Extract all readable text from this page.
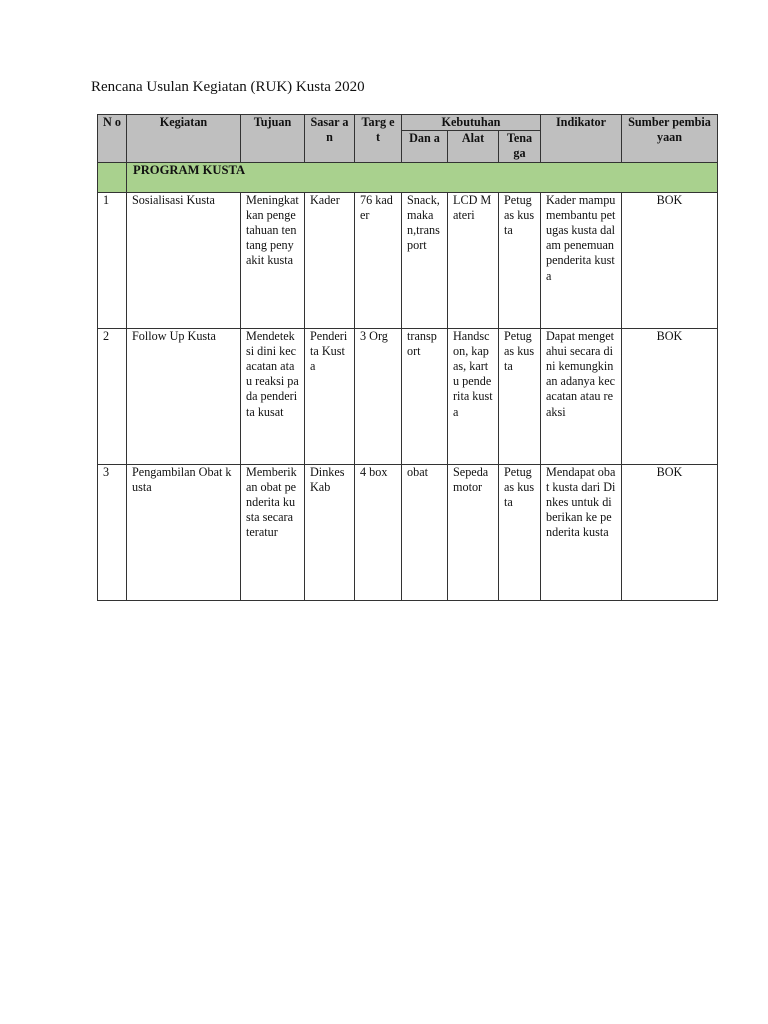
Rencana Usulan Kegiatan (RUK) Kusta 2020
N o	Kegiatan	Tujuan	Sasar an	Targ et	Kebutuhan			Indikator	Sumber pembiayaan
					Dan a	Alat	Tena ga		
	PROGRAM KUSTA								
1	Sosialisasi Kusta	Meningkatkan pengetahuan tentang penyakit kusta	Kader	76 kader	Snack,makan,transport	LCD Materi	Petugas kusta	Kader mampu membantu petugas kusta dalam penemuan penderita kusta	BOK
2	Follow Up Kusta	Mendeteksi dini kecacatan atau reaksi pada penderita kusat	Penderita Kusta	3 Org	transport	Handscon, kapas, kartu penderita kusta	Petugas kusta	Dapat mengetahui secara dini kemungkinan adanya kecacatan atau reaksi	BOK
3	Pengambilan Obat kusta	Memberikan obat penderita kusta secara teratur	Dinkes Kab	4 box	obat	Sepeda motor	Petugas kusta	Mendapat obat kusta dari Dinkes untuk diberikan ke penderita kusta	BOK
